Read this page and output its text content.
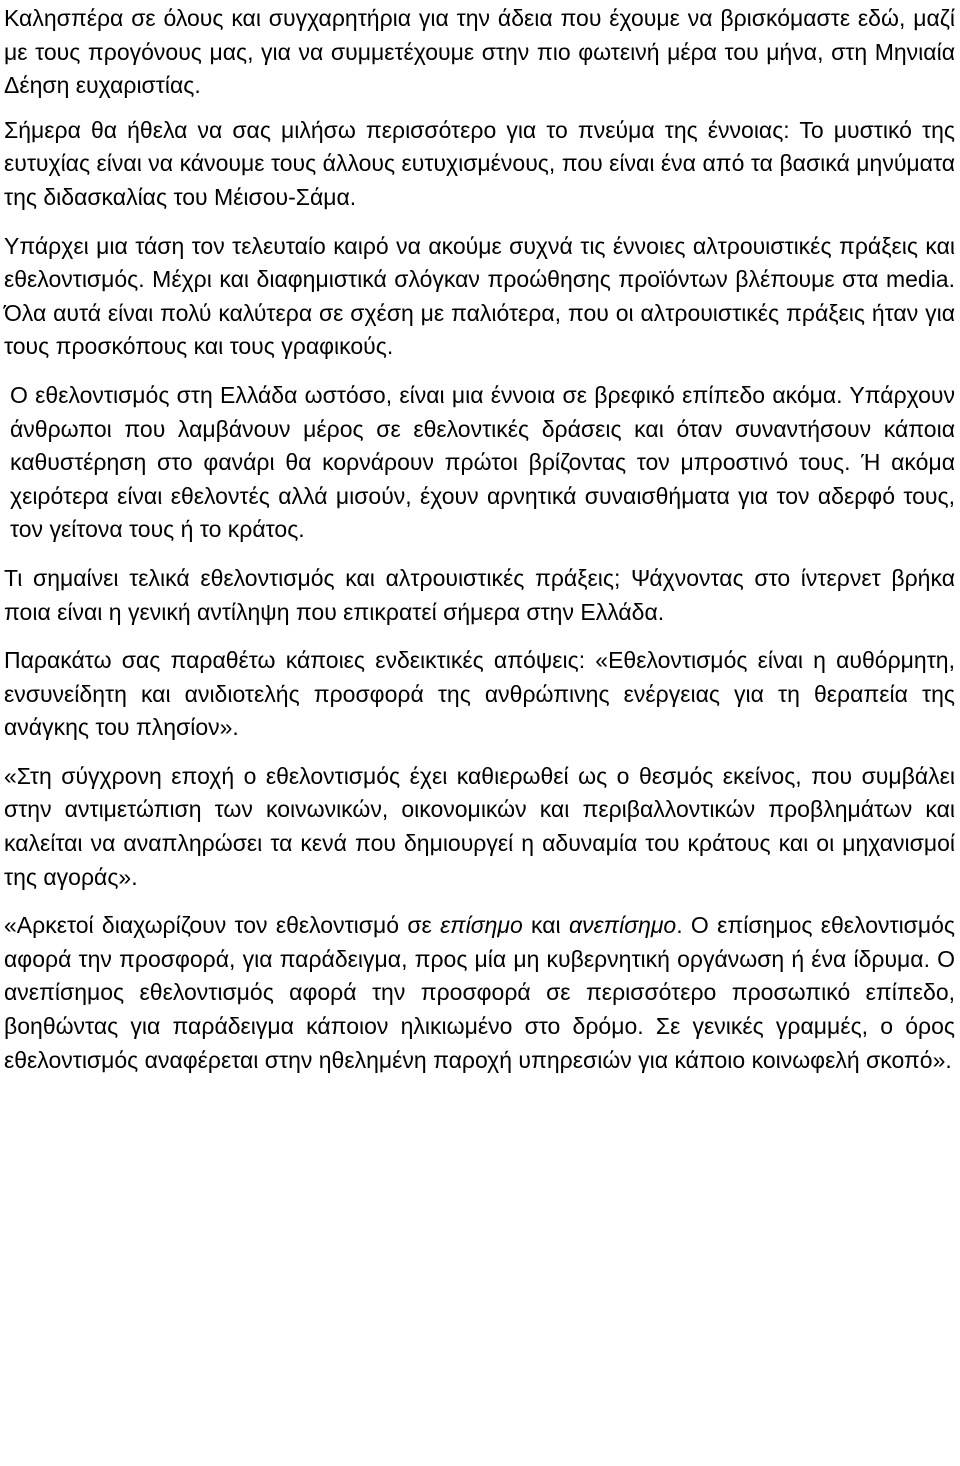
Καλησπέρα σε όλους και συγχαρητήρια για την άδεια που έχουμε να βρισκόμαστε εδώ, μαζί με τους προγόνους μας, για να συμμετέχουμε στην πιο φωτεινή μέρα του μήνα, στη Μηνιαία Δέηση ευχαριστίας.

Σήμερα θα ήθελα να σας μιλήσω περισσότερο για το πνεύμα της έννοιας: Το μυστικό της ευτυχίας είναι να κάνουμε τους άλλους ευτυχισμένους, που είναι ένα από τα βασικά μηνύματα της διδασκαλίας του Μέισου-Σάμα.

Υπάρχει μια τάση τον τελευταίο καιρό να ακούμε συχνά τις έννοιες αλτρουιστικές πράξεις και εθελοντισμός. Μέχρι και διαφημιστικά σλόγκαν προώθησης προϊόντων βλέπουμε στα media. Όλα αυτά είναι πολύ καλύτερα σε σχέση με παλιότερα, που οι αλτρουιστικές πράξεις ήταν για τους προσκόπους και τους γραφικούς.

Ο εθελοντισμός στη Ελλάδα ωστόσο, είναι μια έννοια σε βρεφικό επίπεδο ακόμα. Υπάρχουν άνθρωποι που λαμβάνουν μέρος σε εθελοντικές δράσεις και όταν συναντήσουν κάποια καθυστέρηση στο φανάρι θα κορνάρουν πρώτοι βρίζοντας τον μπροστινό τους. Ή ακόμα χειρότερα είναι εθελοντές αλλά μισούν, έχουν αρνητικά συναισθήματα για τον αδερφό τους, τον γείτονα τους ή το κράτος.

Τι σημαίνει τελικά εθελοντισμός και αλτρουιστικές πράξεις; Ψάχνοντας στο ίντερνετ βρήκα ποια είναι η γενική αντίληψη που επικρατεί σήμερα στην Ελλάδα.

Παρακάτω σας παραθέτω κάποιες ενδεικτικές απόψεις: «Εθελοντισμός είναι η αυθόρμητη, ενσυνείδητη και ανιδιοτελής προσφορά της ανθρώπινης ενέργειας για τη θεραπεία της ανάγκης του πλησίον».

«Στη σύγχρονη εποχή ο εθελοντισμός έχει καθιερωθεί ως ο θεσμός εκείνος, που συμβάλει στην αντιμετώπιση των κοινωνικών, οικονομικών και περιβαλλοντικών προβλημάτων και καλείται να αναπληρώσει τα κενά που δημιουργεί η αδυναμία του κράτους και οι μηχανισμοί της αγοράς».

«Αρκετοί διαχωρίζουν τον εθελοντισμό σε επίσημο και ανεπίσημο. Ο επίσημος εθελοντισμός αφορά την προσφορά, για παράδειγμα, προς μία μη κυβερνητική οργάνωση ή ένα ίδρυμα. Ο ανεπίσημος εθελοντισμός αφορά την προσφορά σε περισσότερο προσωπικό επίπεδο, βοηθώντας για παράδειγμα κάποιον ηλικιωμένο στο δρόμο. Σε γενικές γραμμές, ο όρος εθελοντισμός αναφέρεται στην ηθελημένη παροχή υπηρεσιών για κάποιο κοινωφελή σκοπό».
